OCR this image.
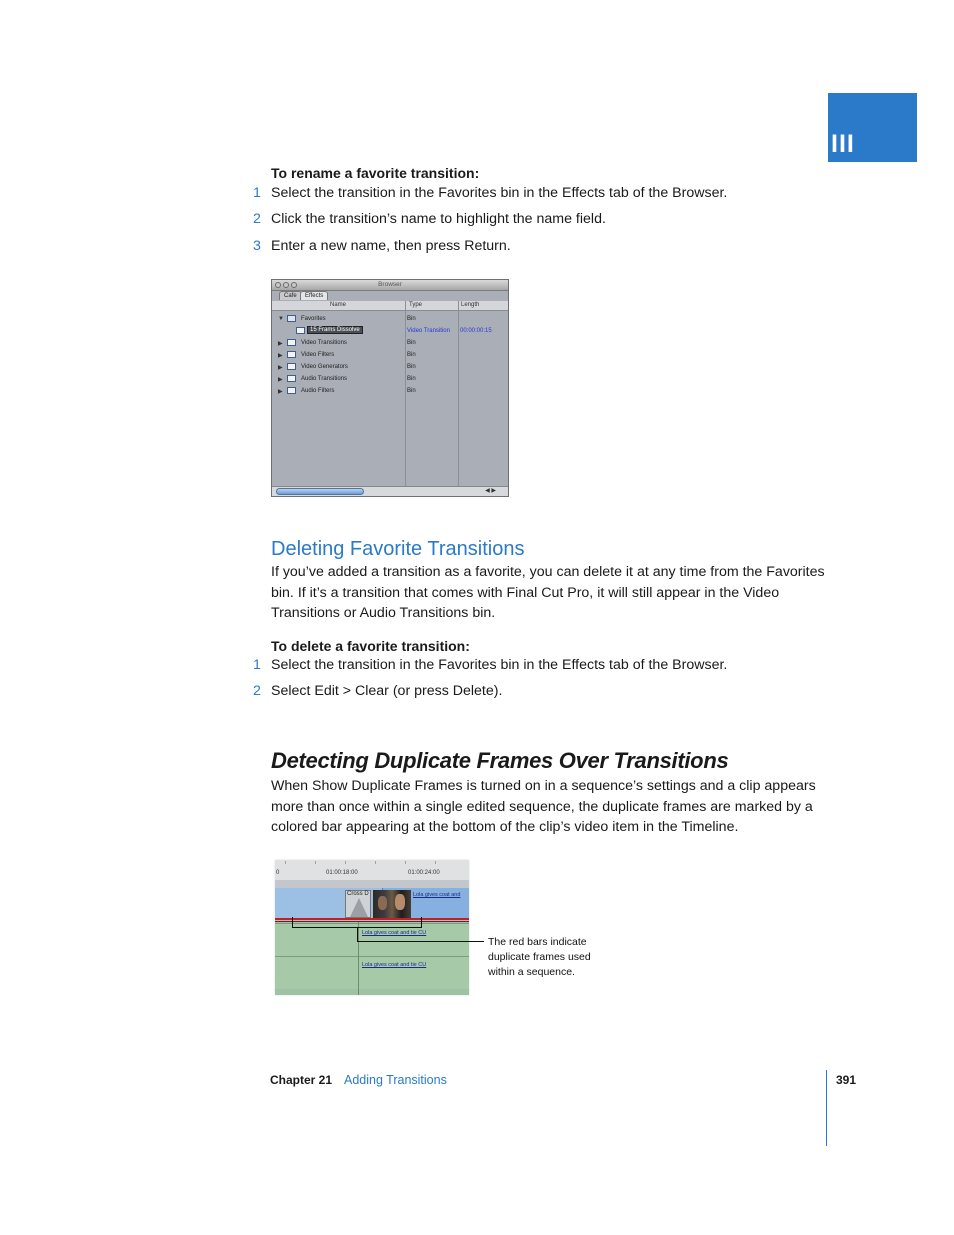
III
To rename a favorite transition:
1 Select the transition in the Favorites bin in the Effects tab of the Browser.
2 Click the transition’s name to highlight the name field.
3 Enter a new name, then press Return.
Browser
Cafe	Effects
Name	Type	Length
▼	Favorites	Bin
15 Frams Dissolve	Video Transition 00:00:00:15
▶	Video Transitions	Bin
▶	Video Filters	Bin
▶	Video Generators	Bin
▶	Audio Transitions	Bin
▶	Audio Filters	Bin
◀ ▶
Deleting Favorite Transitions
If you’ve added a transition as a favorite, you can delete it at any time from the Favorites bin. If it’s a transition that comes with Final Cut Pro, it will still appear in the Video Transitions or Audio Transitions bin.
To delete a favorite transition:
1 Select the transition in the Favorites bin in the Effects tab of the Browser.
2 Select Edit > Clear (or press Delete).
Detecting Duplicate Frames Over Transitions
When Show Duplicate Frames is turned on in a sequence’s settings and a clip appears more than once within a single edited sequence, the duplicate frames are marked by a colored bar appearing at the bottom of the clip’s video item in the Timeline.
0	01:00:18:00	01:00:24:00
Cross D	Lola gives coat and
Lola gives coat and tie CU
Lola gives coat and tie CU
The red bars indicate duplicate frames used within a sequence.
Chapter 21 Adding Transitions	391
